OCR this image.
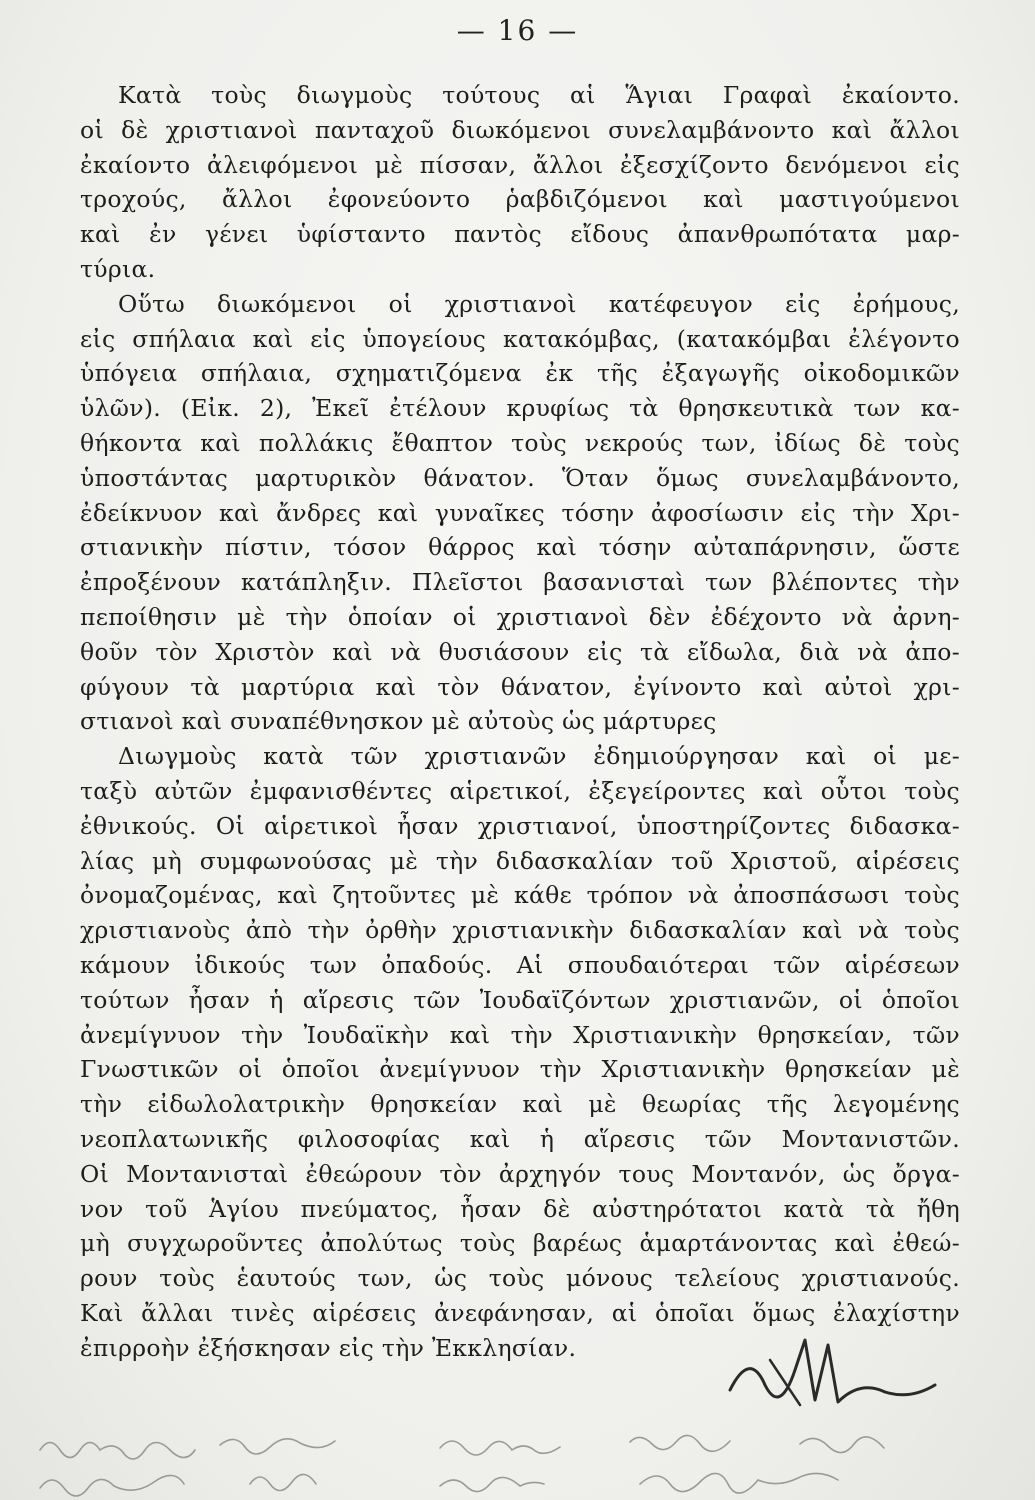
— 16 —
Κατὰ τοὺς διωγμοὺς τούτους αἱ Ἅγιαι Γραφαὶ ἐκαίοντο.
οἱ δὲ χριστιανοὶ πανταχοῦ διωκόμενοι συνελαμβάνοντο καὶ ἄλλοι
ἐκαίοντο ἀλειφόμενοι μὲ πίσσαν, ἄλλοι ἐξεσχίζοντο δενόμενοι εἰς
τροχούς, ἄλλοι ἐφονεύοντο ῥαβδιζόμενοι καὶ μαστιγούμενοι
καὶ ἐν γένει ὑφίσταντο παντὸς εἴδους ἀπανθρωπότατα μαρ-
τύρια.
Οὕτω διωκόμενοι οἱ χριστιανοὶ κατέφευγον εἰς ἐρήμους,
εἰς σπήλαια καὶ εἰς ὑπογείους κατακόμβας, (κατακόμβαι ἐλέγοντο
ὑπόγεια σπήλαια, σχηματιζόμενα ἐκ τῆς ἐξαγωγῆς οἰκοδομικῶν
ὑλῶν). (Εἰκ. 2), Ἐκεῖ ἐτέλουν κρυφίως τὰ θρησκευτικὰ των κα-
θήκοντα καὶ πολλάκις ἔθαπτον τοὺς νεκρούς των, ἰδίως δὲ τοὺς
ὑποστάντας μαρτυρικὸν θάνατον. Ὅταν ὅμως συνελαμβάνοντο,
ἐδείκνυον καὶ ἄνδρες καὶ γυναῖκες τόσην ἀφοσίωσιν εἰς τὴν Χρι-
στιανικὴν πίστιν, τόσον θάρρος καὶ τόσην αὐταπάρνησιν, ὥστε
ἐπροξένουν κατάπληξιν. Πλεῖστοι βασανισταὶ των βλέποντες τὴν
πεποίθησιν μὲ τὴν ὁποίαν οἱ χριστιανοὶ δὲν ἐδέχοντο νὰ ἀρνη-
θοῦν τὸν Χριστὸν καὶ νὰ θυσιάσουν εἰς τὰ εἴδωλα, διὰ νὰ ἀπο-
φύγουν τὰ μαρτύρια καὶ τὸν θάνατον, ἐγίνοντο καὶ αὐτοὶ χρι-
στιανοὶ καὶ συναπέθνησκον μὲ αὐτοὺς ὡς μάρτυρες
Διωγμοὺς κατὰ τῶν χριστιανῶν ἐδημιούργησαν καὶ οἱ με-
ταξὺ αὐτῶν ἐμφανισθέντες αἱρετικοί, ἐξεγείροντες καὶ οὗτοι τοὺς
ἐθνικούς. Οἱ αἱρετικοὶ ἦσαν χριστιανοί, ὑποστηρίζοντες διδασκα-
λίας μὴ συμφωνούσας μὲ τὴν διδασκαλίαν τοῦ Χριστοῦ, αἱρέσεις
ὀνομαζομένας, καὶ ζητοῦντες μὲ κάθε τρόπον νὰ ἀποσπάσωσι τοὺς
χριστιανοὺς ἀπὸ τὴν ὀρθὴν χριστιανικὴν διδασκαλίαν καὶ νὰ τοὺς
κάμουν ἰδικούς των ὀπαδούς. Αἱ σπουδαιότεραι τῶν αἱρέσεων
τούτων ἦσαν ἡ αἵρεσις τῶν Ἰουδαϊζόντων χριστιανῶν, οἱ ὁποῖοι
ἀνεμίγνυον τὴν Ἰουδαϊκὴν καὶ τὴν Χριστιανικὴν θρησκείαν, τῶν
Γνωστικῶν οἱ ὁποῖοι ἀνεμίγνυον τὴν Χριστιανικὴν θρησκείαν μὲ
τὴν εἰδωλολατρικὴν θρησκείαν καὶ μὲ θεωρίας τῆς λεγομένης
νεοπλατωνικῆς φιλοσοφίας καὶ ἡ αἵρεσις τῶν Μοντανιστῶν.
Οἱ Μοντανισταὶ ἐθεώρουν τὸν ἀρχηγόν τους Μοντανόν, ὡς ὄργα-
νον τοῦ Ἁγίου πνεύματος, ἦσαν δὲ αὐστηρότατοι κατὰ τὰ ἤθη
μὴ συγχωροῦντες ἀπολύτως τοὺς βαρέως ἁμαρτάνοντας καὶ ἐθεώ-
ρουν τοὺς ἑαυτούς των, ὡς τοὺς μόνους τελείους χριστιανούς.
Καὶ ἄλλαι τινὲς αἱρέσεις ἀνεφάνησαν, αἱ ὁποῖαι ὅμως ἐλαχίστην
ἐπιρροὴν ἐξήσκησαν εἰς τὴν Ἐκκλησίαν.
